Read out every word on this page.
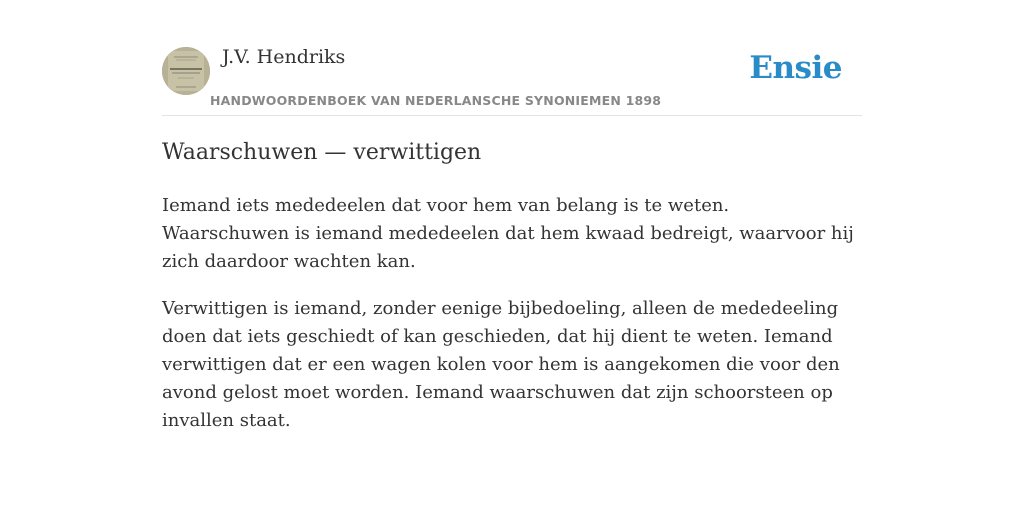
J.V. Hendriks
HANDWOORDENBOEK VAN NEDERLANSCHE SYNONIEMEN 1898
Ensie
Waarschuwen — verwittigen

Iemand iets mededeelen dat voor hem van belang is te weten. Waarschuwen is iemand mededeelen dat hem kwaad bedreigt, waarvoor hij zich daardoor wachten kan.

Verwittigen is iemand, zonder eenige bijbedoeling, alleen de mededeeling doen dat iets geschiedt of kan geschieden, dat hij dient te weten. Iemand verwittigen dat er een wagen kolen voor hem is aangekomen die voor den avond gelost moet worden. Iemand waarschuwen dat zijn schoorsteen op invallen staat.
